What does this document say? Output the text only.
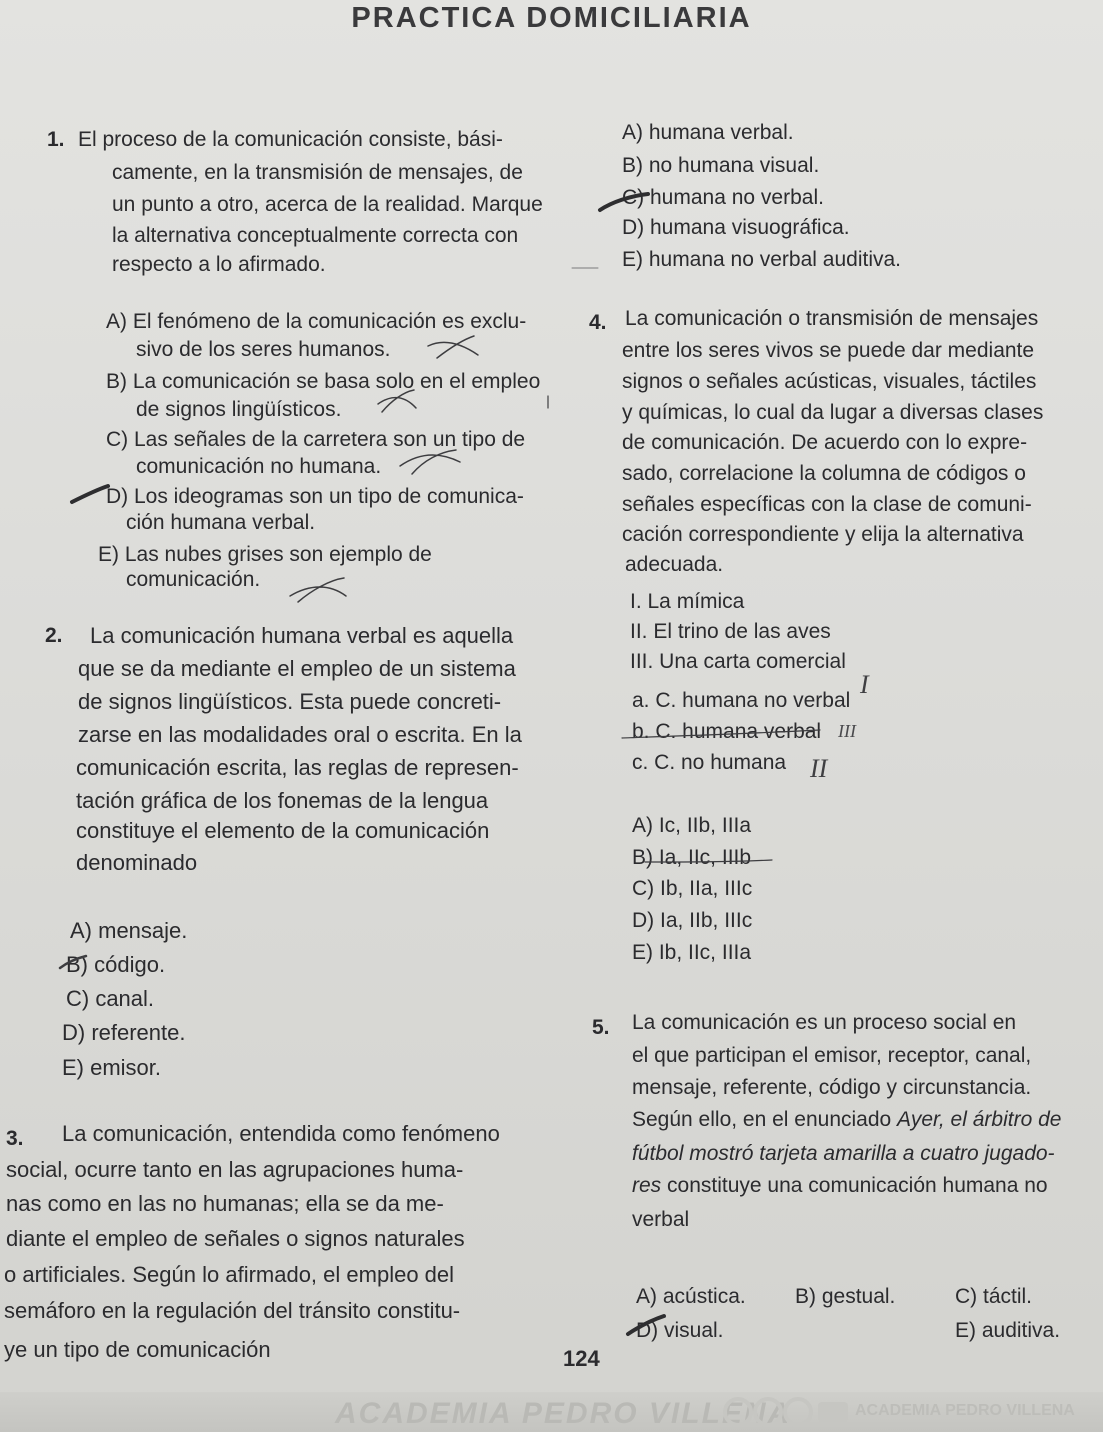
PRACTICA DOMICILIARIA
1. El proceso de la comunicación consiste, bási-
camente, en la transmisión de mensajes, de
un punto a otro, acerca de la realidad. Marque
la alternativa conceptualmente correcta con
respecto a lo afirmado.
A) El fenómeno de la comunicación es exclu-
sivo de los seres humanos.
B) La comunicación se basa solo en el empleo
de signos lingüísticos.
C) Las señales de la carretera son un tipo de
comunicación no humana.
D) Los ideogramas son un tipo de comunica-
ción humana verbal.
E) Las nubes grises son ejemplo de
comunicación.
2. La comunicación humana verbal es aquella
que se da mediante el empleo de un sistema
de signos lingüísticos. Esta puede concreti-
zarse en las modalidades oral o escrita. En la
comunicación escrita, las reglas de represen-
tación gráfica de los fonemas de la lengua
constituye el elemento de la comunicación
denominado
A) mensaje.
B) código.
C) canal.
D) referente.
E) emisor.
3. La comunicación, entendida como fenómeno
social, ocurre tanto en las agrupaciones huma-
nas como en las no humanas; ella se da me-
diante el empleo de señales o signos naturales
o artificiales. Según lo afirmado, el empleo del
semáforo en la regulación del tránsito constitu-
ye un tipo de comunicación
A) humana verbal.
B) no humana visual.
C) humana no verbal.
D) humana visuográfica.
E) humana no verbal auditiva.
4. La comunicación o transmisión de mensajes
entre los seres vivos se puede dar mediante
signos o señales acústicas, visuales, táctiles
y químicas, lo cual da lugar a diversas clases
de comunicación. De acuerdo con lo expre-
sado, correlacione la columna de códigos o
señales específicas con la clase de comuni-
cación correspondiente y elija la alternativa
adecuada.
I. La mímica
II. El trino de las aves
III. Una carta comercial
a. C. humana no verbal
b. C. humana verbal
c. C. no humana
I
III
II
A) Ic, IIb, IIIa
B) Ia, IIc, IIIb
C) Ib, IIa, IIIc
D) Ia, IIb, IIIc
E) Ib, IIc, IIIa
5. La comunicación es un proceso social en
el que participan el emisor, receptor, canal,
mensaje, referente, código y circunstancia.
Según ello, en el enunciado Ayer, el árbitro de
fútbol mostró tarjeta amarilla a cuatro jugado-
res constituye una comunicación humana no
verbal
A) acústica. B) gestual.	C) táctil.
D) visual.	E) auditiva.
124
ACADEMIA PEDRO VILLENA	ACADEMIA PEDRO VILLENA
